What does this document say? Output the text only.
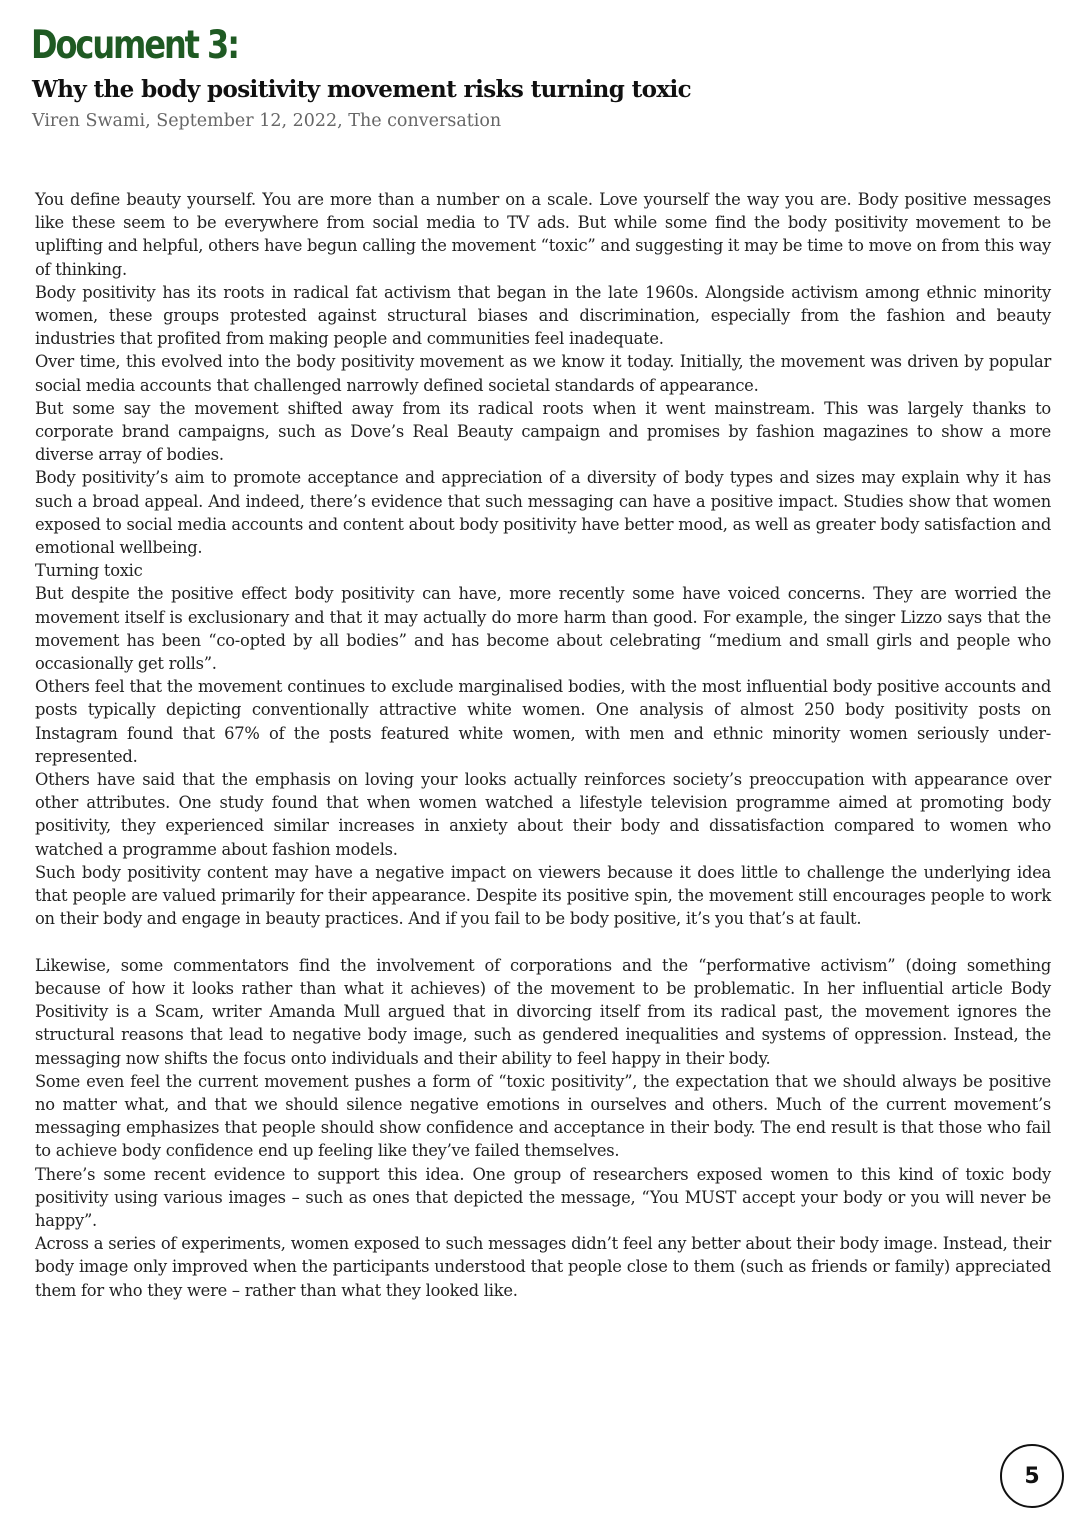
Document 3:
Why the body positivity movement risks turning toxic
Viren Swami, September 12, 2022, The conversation

You define beauty yourself. You are more than a number on a scale. Love yourself the way you are. Body positive messages like these seem to be everywhere from social media to TV ads. But while some find the body positivity movement to be uplifting and helpful, others have begun calling the movement “toxic” and suggesting it may be time to move on from this way of thinking.

Body positivity has its roots in radical fat activism that began in the late 1960s. Alongside activism among ethnic minority women, these groups protested against structural biases and discrimination, especially from the fashion and beauty industries that profited from making people and communities feel inadequate.

Over time, this evolved into the body positivity movement as we know it today. Initially, the movement was driven by popular social media accounts that challenged narrowly defined societal standards of appearance.

But some say the movement shifted away from its radical roots when it went mainstream. This was largely thanks to corporate brand campaigns, such as Dove’s Real Beauty campaign and promises by fashion magazines to show a more diverse array of bodies.

Body positivity’s aim to promote acceptance and appreciation of a diversity of body types and sizes may explain why it has such a broad appeal. And indeed, there’s evidence that such messaging can have a positive impact. Studies show that women exposed to social media accounts and content about body positivity have better mood, as well as greater body satisfaction and emotional wellbeing.

Turning toxic

But despite the positive effect body positivity can have, more recently some have voiced concerns. They are worried the movement itself is exclusionary and that it may actually do more harm than good. For example, the singer Lizzo says that the movement has been “co-opted by all bodies” and has become about celebrating “medium and small girls and people who occasionally get rolls”.

Others feel that the movement continues to exclude marginalised bodies, with the most influential body positive accounts and posts typically depicting conventionally attractive white women. One analysis of almost 250 body positivity posts on Instagram found that 67% of the posts featured white women, with men and ethnic minority women seriously under-represented.

Others have said that the emphasis on loving your looks actually reinforces society’s preoccupation with appearance over other attributes. One study found that when women watched a lifestyle television programme aimed at promoting body positivity, they experienced similar increases in anxiety about their body and dissatisfaction compared to women who watched a programme about fashion models.

Such body positivity content may have a negative impact on viewers because it does little to challenge the underlying idea that people are valued primarily for their appearance. Despite its positive spin, the movement still encourages people to work on their body and engage in beauty practices. And if you fail to be body positive, it’s you that’s at fault.

Likewise, some commentators find the involvement of corporations and the “performative activism” (doing something because of how it looks rather than what it achieves) of the movement to be problematic. In her influential article Body Positivity is a Scam, writer Amanda Mull argued that in divorcing itself from its radical past, the movement ignores the structural reasons that lead to negative body image, such as gendered inequalities and systems of oppression. Instead, the messaging now shifts the focus onto individuals and their ability to feel happy in their body.

Some even feel the current movement pushes a form of “toxic positivity”, the expectation that we should always be positive no matter what, and that we should silence negative emotions in ourselves and others. Much of the current movement’s messaging emphasizes that people should show confidence and acceptance in their body. The end result is that those who fail to achieve body confidence end up feeling like they’ve failed themselves.

There’s some recent evidence to support this idea. One group of researchers exposed women to this kind of toxic body positivity using various images – such as ones that depicted the message, “You MUST accept your body or you will never be happy”.

Across a series of experiments, women exposed to such messages didn’t feel any better about their body image. Instead, their body image only improved when the participants understood that people close to them (such as friends or family) appreciated them for who they were – rather than what they looked like.

5
